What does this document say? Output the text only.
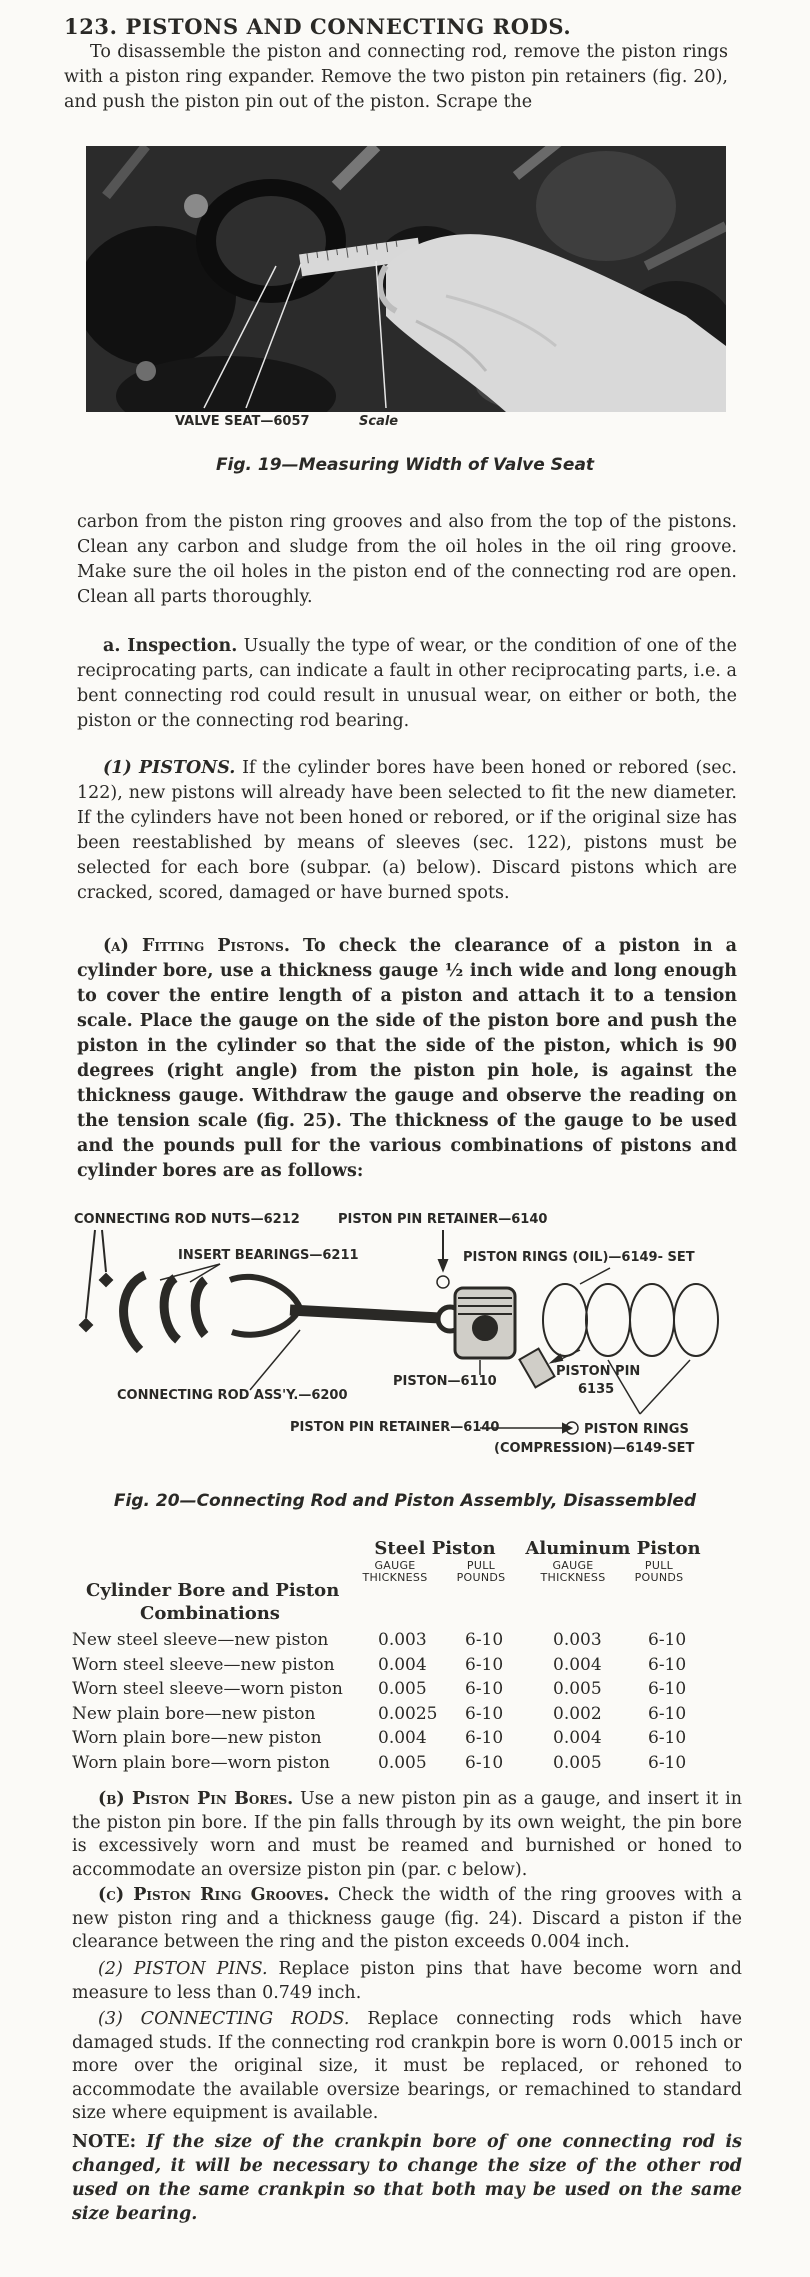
123. PISTONS AND CONNECTING RODS.

To disassemble the piston and connecting rod, remove the piston rings with a piston ring expander. Remove the two piston pin retainers (fig. 20), and push the piston pin out of the piston. Scrape the

VALVE SEAT—6057	Scale
Fig. 19—Measuring Width of Valve Seat

carbon from the piston ring grooves and also from the top of the pistons. Clean any carbon and sludge from the oil holes in the oil ring groove. Make sure the oil holes in the piston end of the connecting rod are open. Clean all parts thoroughly.

a. Inspection. Usually the type of wear, or the condition of one of the reciprocating parts, can indicate a fault in other reciprocating parts, i.e. a bent connecting rod could result in unusual wear, on either or both, the piston or the connecting rod bearing.

(1) PISTONS. If the cylinder bores have been honed or rebored (sec. 122), new pistons will already have been selected to fit the new diameter. If the cylinders have not been honed or rebored, or if the original size has been reestablished by means of sleeves (sec. 122), pistons must be selected for each bore (subpar. (a) below). Discard pistons which are cracked, scored, damaged or have burned spots.

(a) Fitting Pistons. To check the clearance of a piston in a cylinder bore, use a thickness gauge ½ inch wide and long enough to cover the entire length of a piston and attach it to a tension scale. Place the gauge on the side of the piston bore and push the piston in the cylinder so that the side of the piston, which is 90 degrees (right angle) from the piston pin hole, is against the thickness gauge. Withdraw the gauge and observe the reading on the tension scale (fig. 25). The thickness of the gauge to be used and the pounds pull for the various combinations of pistons and cylinder bores are as follows:

CONNECTING ROD NUTS—6212	PISTON PIN RETAINER—6140
INSERT BEARINGS—6211	PISTON RINGS (OIL)—6149- SET
CONNECTING ROD ASS'Y.—6200
PISTON—6110
PISTON PIN
6135
PISTON PIN RETAINER—6140	PISTON RINGS
(COMPRESSION)—6149-SET
Fig. 20—Connecting Rod and Piston Assembly, Disassembled
Steel Piston	Aluminum Piston
GAUGE
THICKNESS
PULL
POUNDS
GAUGE
THICKNESS
PULL
POUNDS
Cylinder Bore and Piston
Combinations
New steel sleeve—new piston	0.003 6-10	0.003	6-10
Worn steel sleeve—new piston	0.004 6-10	0.004	6-10
Worn steel sleeve—worn piston 0.005 6-10	0.005	6-10
New plain bore—new piston	0.0025 6-10	0.002	6-10
Worn plain bore—new piston	0.004 6-10	0.004	6-10
Worn plain bore—worn piston	0.005 6-10	0.005	6-10

(b) Piston Pin Bores. Use a new piston pin as a gauge, and insert it in the piston pin bore. If the pin falls through by its own weight, the pin bore is excessively worn and must be reamed and burnished or honed to accommodate an oversize piston pin (par. c below).

(c) Piston Ring Grooves. Check the width of the ring grooves with a new piston ring and a thickness gauge (fig. 24). Discard a piston if the clearance between the ring and the piston exceeds 0.004 inch.

(2) PISTON PINS. Replace piston pins that have become worn and measure to less than 0.749 inch.

(3) CONNECTING RODS. Replace connecting rods which have damaged studs. If the connecting rod crankpin bore is worn 0.0015 inch or more over the original size, it must be replaced, or rehoned to accommodate the available oversize bearings, or remachined to standard size where equipment is available.

NOTE: If the size of the crankpin bore of one connecting rod is changed, it will be necessary to change the size of the other rod used on the same crankpin so that both may be used on the same size bearing.
